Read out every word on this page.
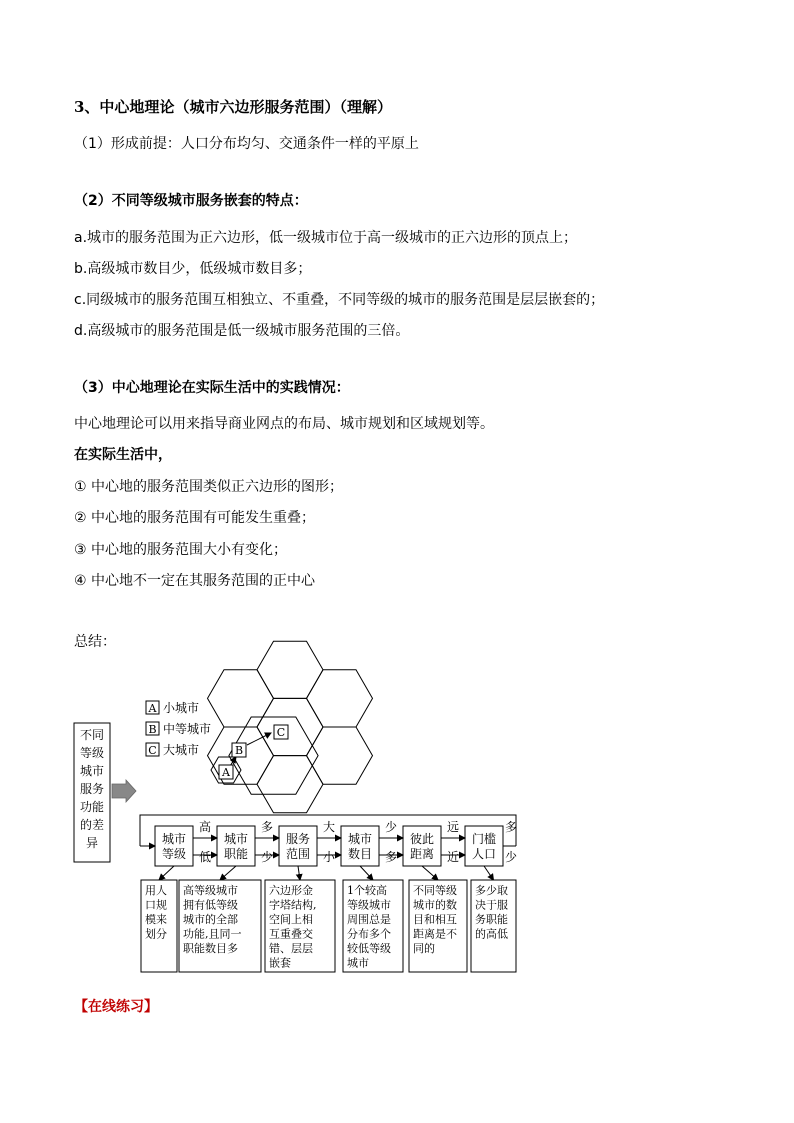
3、中心地理论（城市六边形服务范围）（理解）
（1）形成前提：人口分布均匀、交通条件一样的平原上
（2）不同等级城市服务嵌套的特点：
a.城市的服务范围为正六边形，低一级城市位于高一级城市的正六边形的顶点上；
b.高级城市数目少，低级城市数目多；
c.同级城市的服务范围互相独立、不重叠，不同等级的城市的服务范围是层层嵌套的；
d.高级城市的服务范围是低一级城市服务范围的三倍。
（3）中心地理论在实际生活中的实践情况：
中心地理论可以用来指导商业网点的布局、城市规划和区域规划等。
在实际生活中，
① 中心地的服务范围类似正六边形的图形；
② 中心地的服务范围有可能发生重叠；
③ 中心地的服务范围大小有变化；
④ 中心地不一定在其服务范围的正中心
总结：
A
B
C
A 小城市
B 中等城市
C 大城市
不同
等级
城市
服务
功能
的差
异	城市
等级
城市
职能
服务
范围
城市
数目
彼此
距离
门槛
人口
高
低
多
少
大
小
少
多
远
近
多
少
用人
口规
模来
划分
高等级城市
拥有低等级
城市的全部
功能,且同一
职能数目多
六边形金
字塔结构,
空间上相
互重叠交
错、层层
嵌套
1个较高
等级城市
周围总是
分布多个
较低等级
城市
不同等级
城市的数
目和相互
距离是不
同的
多少取
决于服
务职能
的高低
【在线练习】
